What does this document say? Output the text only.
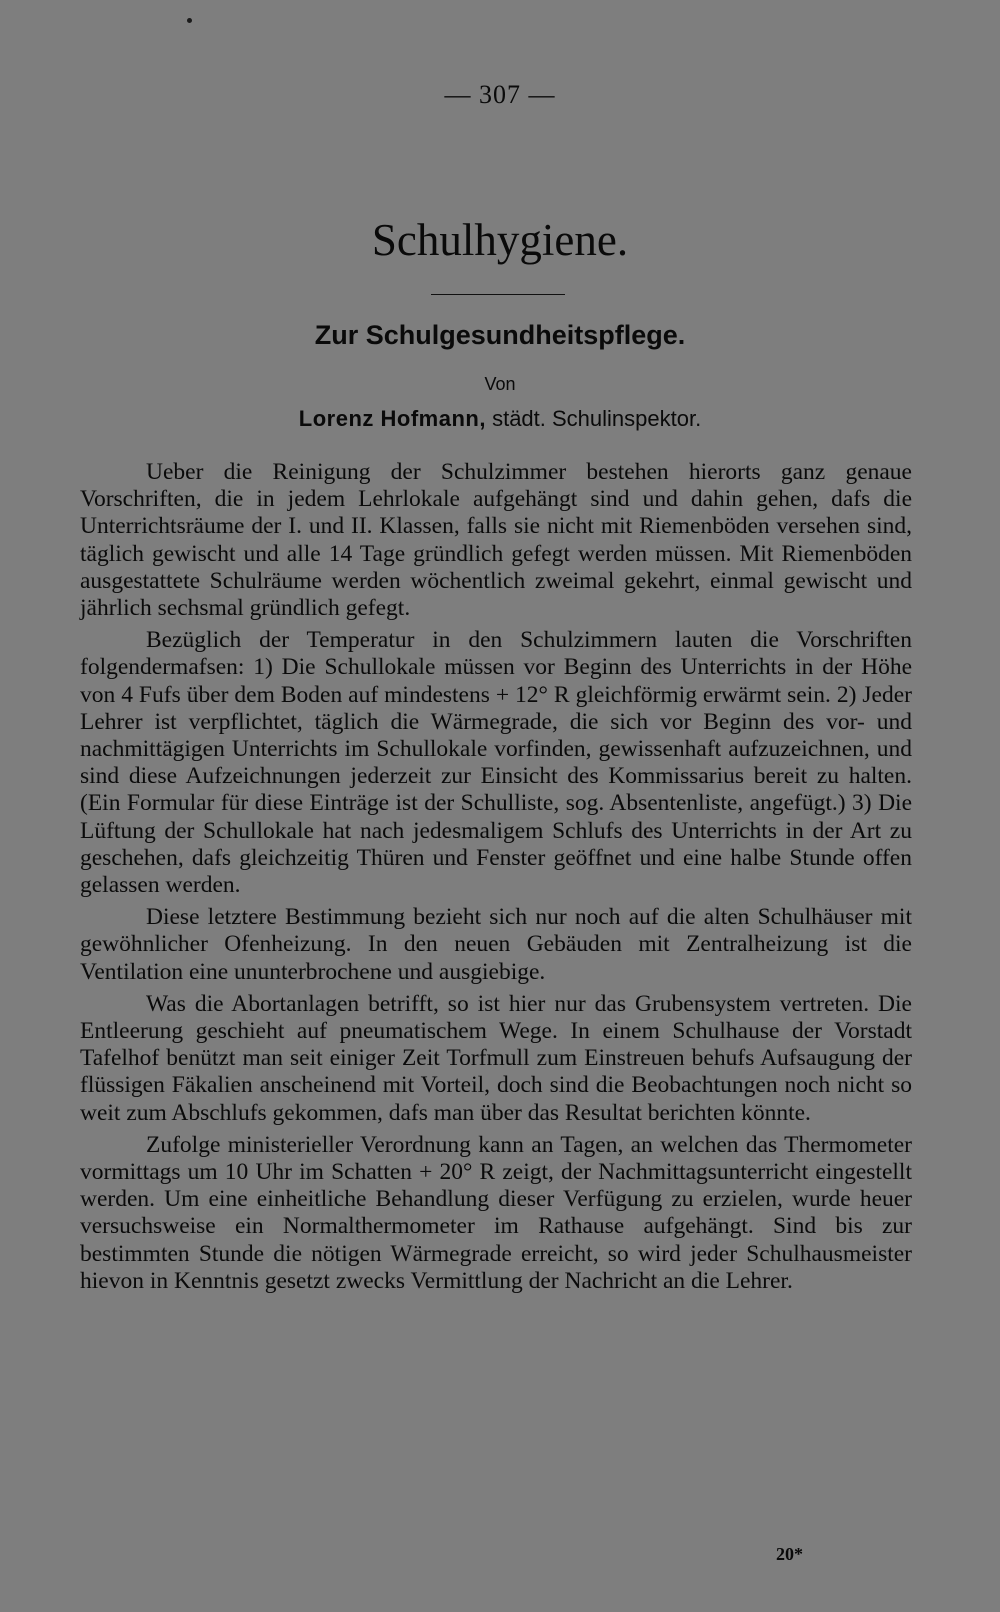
— 307 —
Schulhygiene.
Zur Schulgesundheitspflege.
Von
Lorenz Hofmann, städt. Schulinspektor.

Ueber die Reinigung der Schulzimmer bestehen hierorts ganz genaue Vorschriften, die in jedem Lehrlokale aufgehängt sind und dahin gehen, dafs die Unterrichtsräume der I. und II. Klassen, falls sie nicht mit Riemenböden versehen sind, täglich gewischt und alle 14 Tage gründlich gefegt werden müssen. Mit Riemenböden ausgestattete Schulräume werden wöchentlich zweimal gekehrt, einmal gewischt und jährlich sechsmal gründlich gefegt.

Bezüglich der Temperatur in den Schulzimmern lauten die Vorschriften folgendermafsen: 1) Die Schullokale müssen vor Beginn des Unterrichts in der Höhe von 4 Fufs über dem Boden auf mindestens + 12° R gleichförmig erwärmt sein. 2) Jeder Lehrer ist verpflichtet, täglich die Wärmegrade, die sich vor Beginn des vor- und nachmittägigen Unterrichts im Schullokale vorfinden, gewissenhaft aufzuzeichnen, und sind diese Aufzeichnungen jederzeit zur Einsicht des Kommissarius bereit zu halten. (Ein Formular für diese Einträge ist der Schulliste, sog. Absentenliste, angefügt.) 3) Die Lüftung der Schullokale hat nach jedesmaligem Schlufs des Unterrichts in der Art zu geschehen, dafs gleichzeitig Thüren und Fenster geöffnet und eine halbe Stunde offen gelassen werden.

Diese letztere Bestimmung bezieht sich nur noch auf die alten Schulhäuser mit gewöhnlicher Ofenheizung. In den neuen Gebäuden mit Zentralheizung ist die Ventilation eine ununterbrochene und ausgiebige.

Was die Abortanlagen betrifft, so ist hier nur das Grubensystem vertreten. Die Entleerung geschieht auf pneumatischem Wege. In einem Schulhause der Vorstadt Tafelhof benützt man seit einiger Zeit Torfmull zum Einstreuen behufs Aufsaugung der flüssigen Fäkalien anscheinend mit Vorteil, doch sind die Beobachtungen noch nicht so weit zum Abschlufs gekommen, dafs man über das Resultat berichten könnte.

Zufolge ministerieller Verordnung kann an Tagen, an welchen das Thermometer vormittags um 10 Uhr im Schatten + 20° R zeigt, der Nachmittagsunterricht eingestellt werden. Um eine einheitliche Behandlung dieser Verfügung zu erzielen, wurde heuer versuchsweise ein Normalthermometer im Rathause aufgehängt. Sind bis zur bestimmten Stunde die nötigen Wärmegrade erreicht, so wird jeder Schulhausmeister hievon in Kenntnis gesetzt zwecks Vermittlung der Nachricht an die Lehrer.

20*
